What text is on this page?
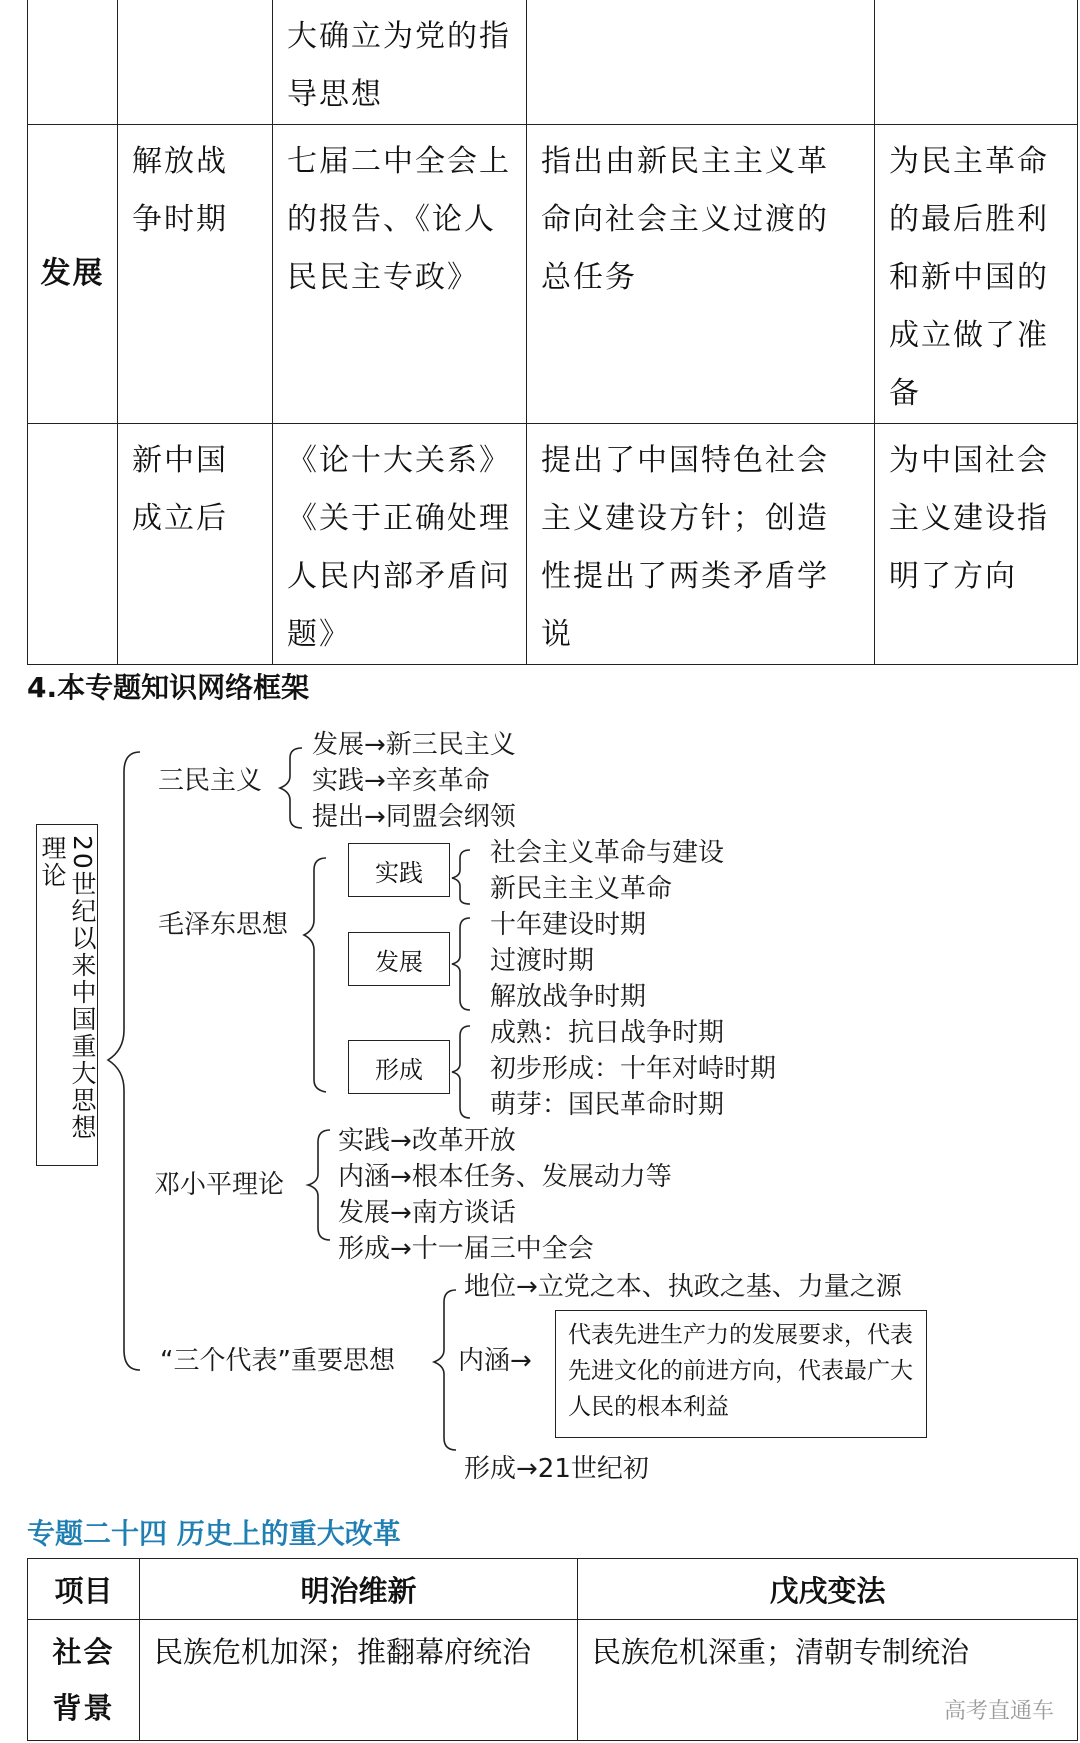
		大确立为党的指导思想		
发展	解放战争时期	七届二中全会上的报告、《论人民民主专政》	指出由新民主主义革命向社会主义过渡的总任务	为民主革命的最后胜利和新中国的成立做了准备
	新中国成立后	《论十大关系》《关于正确处理人民内部矛盾问题》	提出了中国特色社会主义建设方针；创造性提出了两类矛盾学说	为中国社会主义建设指明了方向
4.本专题知识网络框架
20世纪以来中国重大思想理论
三民主义
发展→新三民主义
实践→辛亥革命
提出→同盟会纲领
毛泽东思想
实践
社会主义革命与建设
新民主主义革命
发展
十年建设时期
过渡时期
解放战争时期
形成
成熟：抗日战争时期
初步形成：十年对峙时期
萌芽：国民革命时期
邓小平理论
实践→改革开放
内涵→根本任务、发展动力等
发展→南方谈话
形成→十一届三中全会
“三个代表”重要思想
地位→立党之本、执政之基、力量之源
内涵→
代表先进生产力的发展要求，代表先进文化的前进方向，代表最广大人民的根本利益
形成→21世纪初
专题二十四 历史上的重大改革
项目	明治维新	戊戌变法
社会背景	民族危机加深；推翻幕府统治	民族危机深重；清朝专制统治
高考直通车
